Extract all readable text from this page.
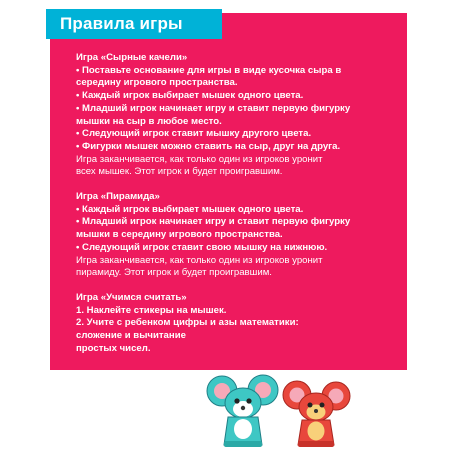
Правила игры
Игра «Сырные качели»
• Поставьте основание для игры в виде кусочка сыра в
середину игрового пространства.
• Каждый игрок выбирает мышек одного цвета.
• Младший игрок начинает игру и ставит первую фигурку
мышки на сыр в любое место.
• Следующий игрок ставит мышку другого цвета.
• Фигурки мышек можно ставить на сыр, друг на друга.
Игра заканчивается, как только один из игроков уронит
всех мышек. Этот игрок и будет проигравшим.
Игра «Пирамида»
• Каждый игрок выбирает мышек одного цвета.
• Младший игрок начинает игру и ставит первую фигурку
мышки в середину игрового пространства.
• Следующий игрок ставит свою мышку на нижнюю.
Игра заканчивается, как только один из игроков уронит
пирамиду. Этот игрок и будет проигравшим.
Игра «Учимся считать»
1. Наклейте стикеры на мышек.
2. Учите с ребенком цифры и азы математики:
сложение и вычитание
простых чисел.
